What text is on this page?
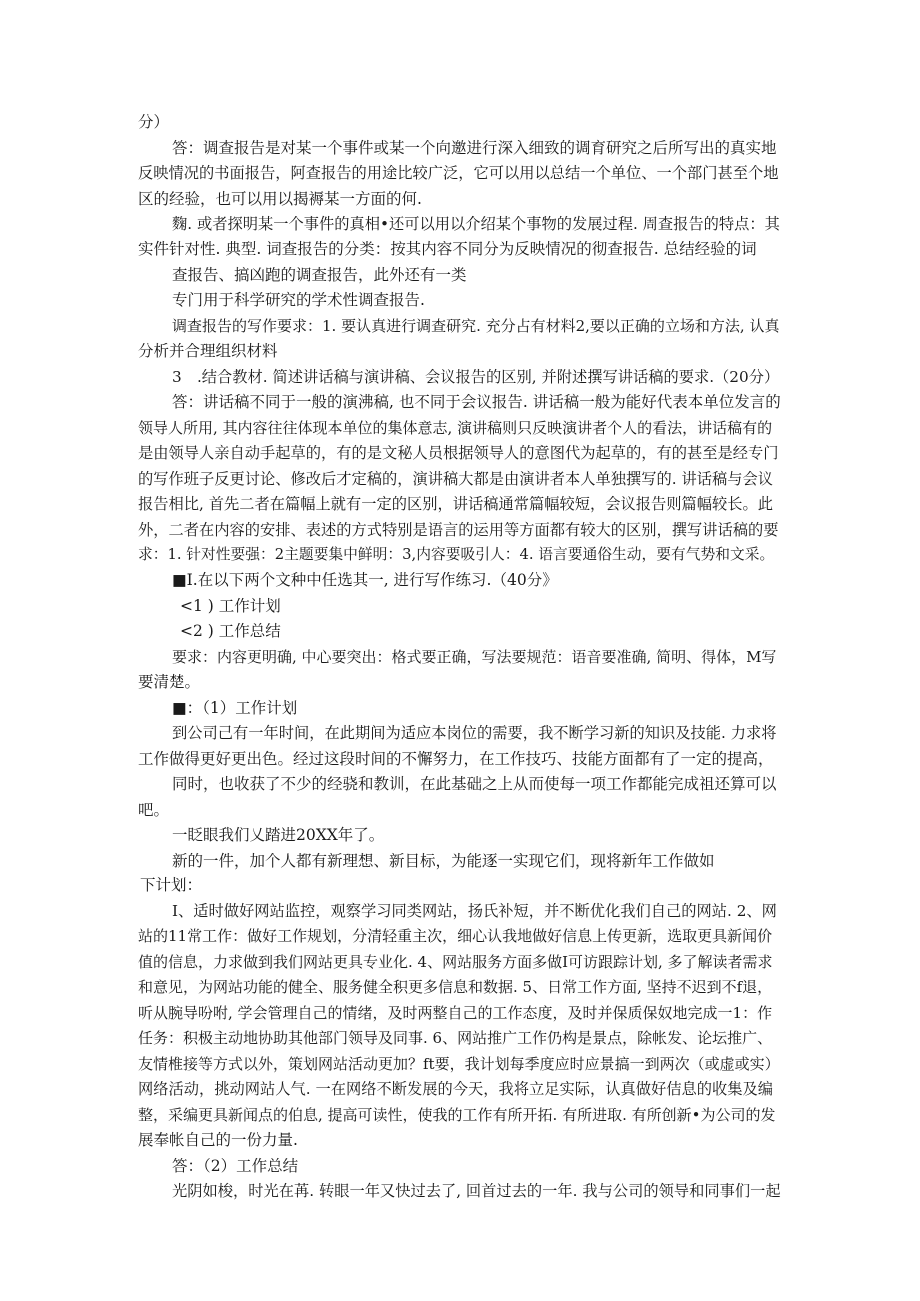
分）
答：调查报告是对某一个事件或某一个向邀进行深入细致的调育研究之后所写出的真实地
反映情况的书面报告，阿查报告的用途比较广泛，它可以用以总结一个单位、一个部门甚至个地
区的经验，也可以用以揭褥某一方面的何.
麴. 或者探明某一个事件的真相•还可以用以介绍某个事物的发展过程. 周查报告的特点：其
实件针对性. 典型. 词查报告的分类：按其内容不同分为反映情况的彻查报告. 总结经验的词
查报告、搞凶跑的调查报告，此外还有一类
专门用于科学研究的学术性调查报告.
调查报告的写作要求：1. 要认真进行调查研究. 充分占有材料2,要以正确的立场和方法, 认真
分析并合理组织材料
3　.结合教材. 简述讲话稿与演讲稿、会议报告的区别, 并附述撰写讲话稿的要求.（20分）
答：讲话稿不同于一般的演沸稿, 也不同于会议报告. 讲话稿一般为能好代表本单位发言的
领导人所用, 其内容往往体现本单位的集体意志, 演讲稿则只反映演讲者个人的看法，讲话稿有的
是由领导人亲自动手起草的，有的是文秘人员根据领导人的意图代为起草的，有的甚至是经专门
的写作班子反更讨论、修改后才定稿的，演讲稿大都是由演讲者本人单独撰写的. 讲话稿与会议
报告相比, 首先二者在篇幅上就有一定的区别，讲话稿通常篇幅较短，会议报告则篇幅较长。此
外，二者在内容的安排、表述的方式特别是语言的运用等方面都有较大的区别，撰写讲话稿的要
求：1. 针对性要强：2主题要集中鲜明：3,内容要吸引人：4. 语言要通俗生动，要有气势和文采。
■I.在以下两个文种中任选其一, 进行写作练习.（40分》
<1 ) 工作计划
<2 ) 工作总结
要求：内容更明确, 中心要突出：格式要正确，写法要规范：语音要准确, 简明、得体，M写
要清楚。
■：（1）工作计划
到公司己有一年时间，在此期间为适应本岗位的需要，我不断学习新的知识及技能. 力求将
工作做得更好更出色。经过这段时间的不懈努力，在工作技巧、技能方面都有了一定的提高，
同时，也收获了不少的经骁和教训，在此基础之上从而使每一项工作都能完成祖还算可以
吧。
一眨眼我们乂踏进20XX年了。
新的一件，加个人都有新理想、新目标，为能逐一实现它们，现将新年工作做如
下计划：
I、适时做好网站监控，观察学习同类网站，扬氏补短，并不断优化我们自己的网站. 2、网
站的11常工作：做好工作规划，分清轻重主次，细心认我地做好信息上传更新，选取更具新闻价
值的信息，力求做到我们网站更具专业化. 4、网站服务方面多做I可访跟踪计划, 多了解读者需求
和意见，为网站功能的健全、服务健全积更多信息和数据. 5、日常工作方面, 坚持不迟到不f退，
听从腕导吩咐, 学会管理自己的情绪，及时两整自己的工作态度，及时并保质保奴地完成一1：作
任务：积极主动地协助其他部门领导及同事. 6、网站推广工作仍构是景点，除帐发、论坛推广、
友情椎接等方式以外，策划网站活动更加？ft要，我计划每季度应时应景搞一到两次（或虚或实）
网络活动，挑动网站人气. 一在网络不断发展的今天，我将立足实际，认真做好佶息的收集及编
整，采编更具新闻点的伯息, 提高可读性，使我的工作有所开拓. 有所进取. 有所创新•为公司的发
展奉帐自己的一份力量.
答：（2）工作总结
光阴如梭，时光在苒. 转眼一年又快过去了, 回首过去的一年. 我与公司的领导和同事们一起
